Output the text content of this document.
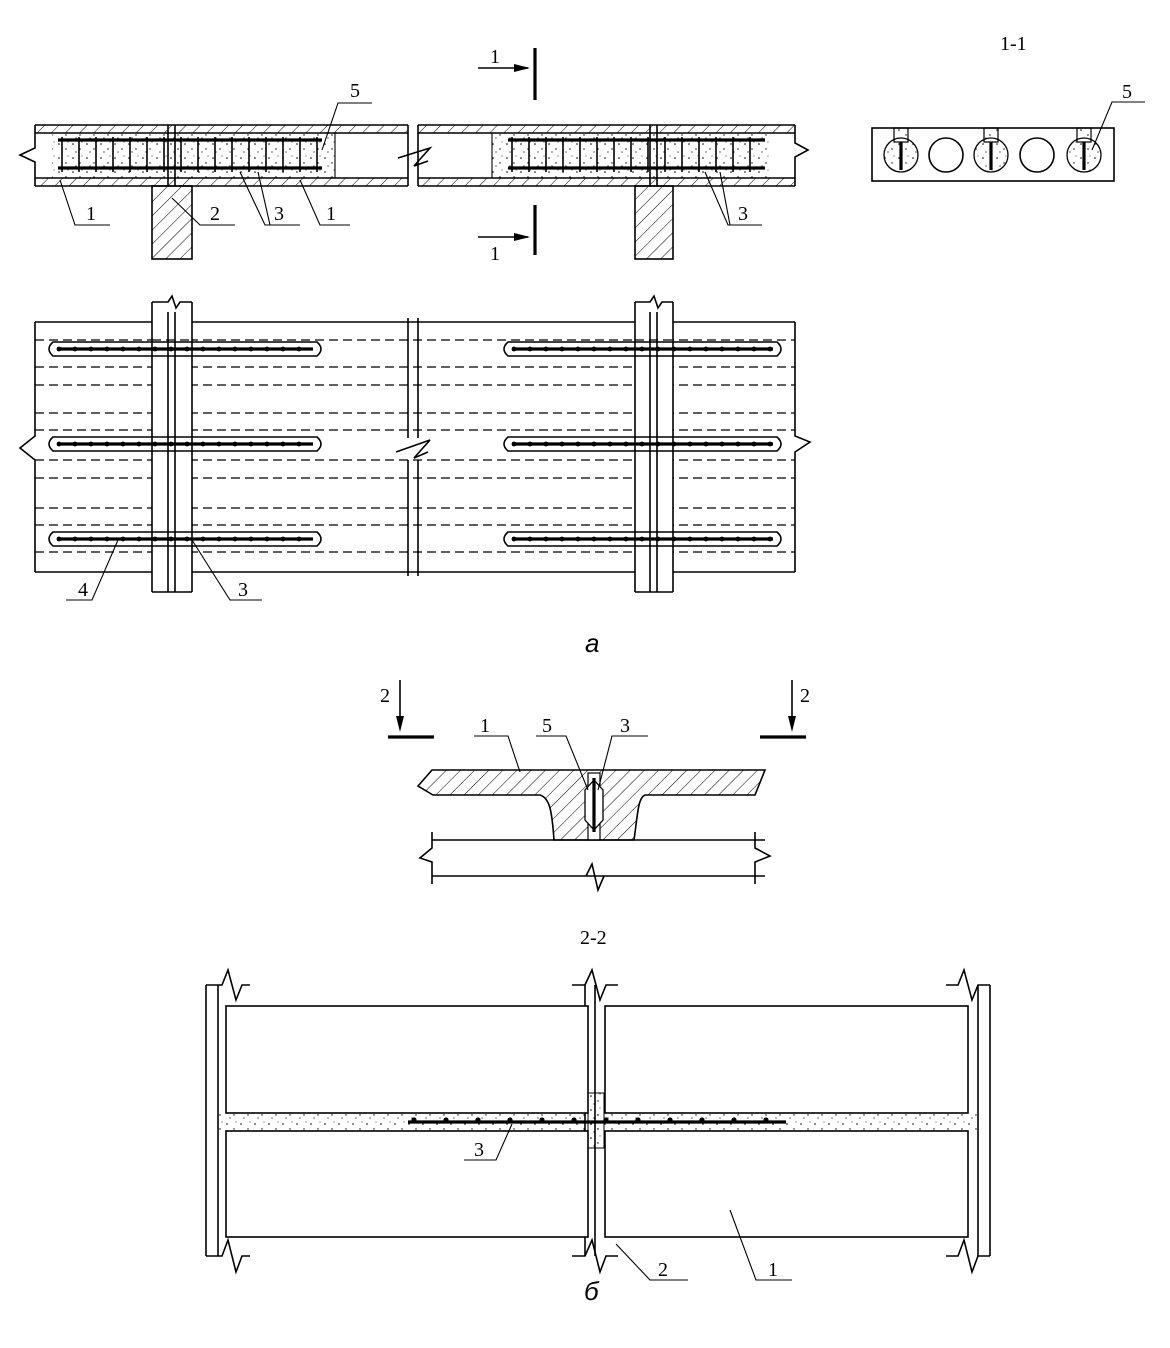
1	2	3 1
5
3
1
1
1-1
5
4	3
а
2	2
1	5	3
2-2
3
2	1
б
